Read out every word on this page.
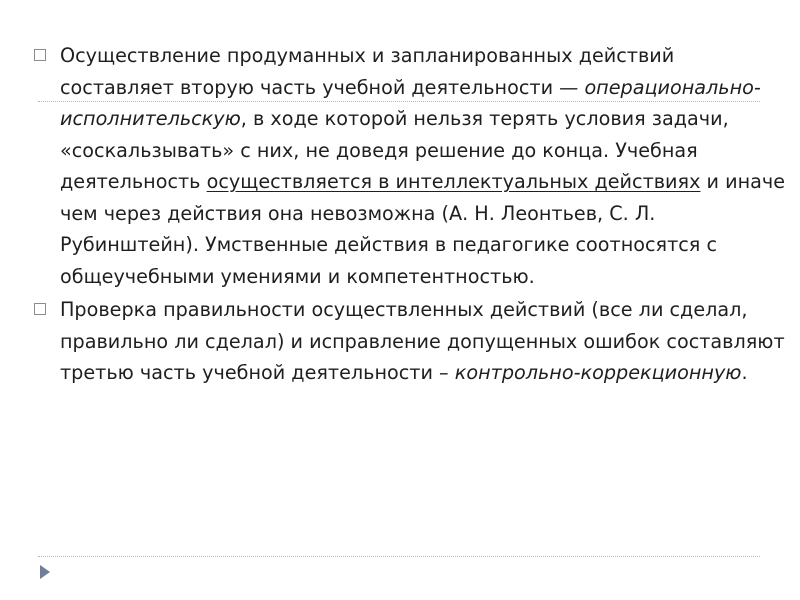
Осуществление продуманных и запланированных действий составляет вторую часть учебной деятельности — операционально-исполнительскую, в ходе которой нельзя терять условия задачи, «соскальзывать» с них, не доведя решение до конца. Учебная деятельность осуществляется в интеллектуальных действиях и иначе чем через действия она невозможна (А. Н. Леонтьев, С. Л. Рубинштейн). Умственные действия в педагогике соотносятся с общеучебными умениями и компетентностью.
Проверка правильности осуществленных действий (все ли сделал, правильно ли сделал) и исправление допущенных ошибок составляют третью часть учебной деятельности – контрольно-коррекционную.
